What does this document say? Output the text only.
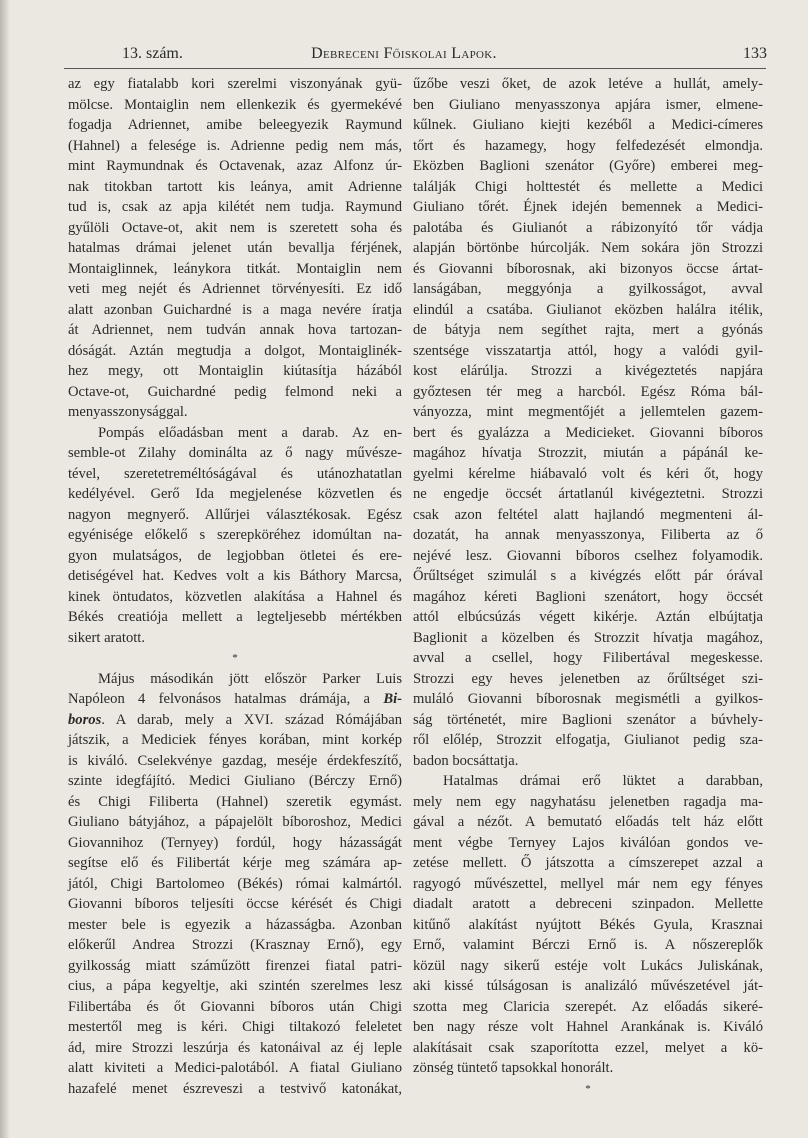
13. szám.	Debreceni Főiskolai Lapok.	133
az egy fiatalabb kori szerelmi viszonyának gyü-
mölcse. Montaiglin nem ellenkezik és gyermekévé
fogadja Adriennet, amibe beleegyezik Raymund
(Hahnel) a felesége is. Adrienne pedig nem más,
mint Raymundnak és Octavenak, azaz Alfonz úr-
nak titokban tartott kis leánya, amit Adrienne
tud is, csak az apja kilétét nem tudja. Raymund
gyűlöli Octave-ot, akit nem is szeretett soha és
hatalmas drámai jelenet után bevallja férjének,
Montaiglinnek, leánykora titkát. Montaiglin nem
veti meg nejét és Adriennet törvényesíti. Ez idő
alatt azonban Guichardné is a maga nevére íratja
át Adriennet, nem tudván annak hova tartozan-
dóságát. Aztán megtudja a dolgot, Montaiglinék-
hez megy, ott Montaiglin kiútasítja házából
Octave-ot, Guichardné pedig felmond neki a
menyasszonysággal.
Pompás előadásban ment a darab. Az en-
semble-ot Zilahy dominálta az ő nagy művésze-
tével, szeretetreméltóságával és utánozhatatlan
kedélyével. Gerő Ida megjelenése közvetlen és
nagyon megnyerő. Allűrjei választékosak. Egész
egyénisége előkelő s szerepköréhez idomúltan na-
gyon mulatságos, de legjobban ötletei és ere-
detiségével hat. Kedves volt a kis Báthory Marcsa,
kinek öntudatos, közvetlen alakítása a Hahnel és
Békés creatiója mellett a legteljesebb mértékben
sikert aratott.
*
Május másodikán jött először Parker Luis
Napóleon 4 felvonásos hatalmas drámája, a Bi-
boros. A darab, mely a XVI. század Rómájában
játszik, a Mediciek fényes korában, mint korkép
is kiváló. Cselekvénye gazdag, meséje érdekfeszítő,
szinte idegfájító. Medici Giuliano (Bérczy Ernő)
és Chigi Filiberta (Hahnel) szeretik egymást.
Giuliano bátyjához, a pápajelölt bíboroshoz, Medici
Giovannihoz (Ternyey) fordúl, hogy házasságát
segítse elő és Filibertát kérje meg számára ap-
jától, Chigi Bartolomeo (Békés) római kalmártól.
Giovanni bíboros teljesíti öccse kérését és Chigi
mester bele is egyezik a házasságba. Azonban
előkerűl Andrea Strozzi (Krasznay Ernő), egy
gyilkosság miatt száműzött firenzei fiatal patri-
cius, a pápa kegyeltje, aki szintén szerelmes lesz
Filibertába és őt Giovanni bíboros után Chigi
mestertől meg is kéri. Chigi tiltakozó feleletet
ád, mire Strozzi leszúrja és katonáival az éj leple
alatt kiviteti a Medici-palotából. A fiatal Giuliano
hazafelé menet észreveszi a testvivő katonákat,
űzőbe veszi őket, de azok letéve a hullát, amely-
ben Giuliano menyasszonya apjára ismer, elmene-
kűlnek. Giuliano kiejti kezéből a Medici-címeres
tőrt és hazamegy, hogy felfedezését elmondja.
Eközben Baglioni szenátor (Győre) emberei meg-
találják Chigi holttestét és mellette a Medici
Giuliano tőrét. Éjnek idején bemennek a Medici-
palotába és Giulianót a rábizonyító tőr vádja
alapján börtönbe húrcolják. Nem sokára jön Strozzi
és Giovanni bíborosnak, aki bizonyos öccse ártat-
lanságában, meggyónja a gyilkosságot, avval
elindúl a csatába. Giulianot eközben halálra itélik,
de bátyja nem segíthet rajta, mert a gyónás
szentsége visszatartja attól, hogy a valódi gyil-
kost elárúlja. Strozzi a kivégeztetés napjára
győztesen tér meg a harcból. Egész Róma bál-
ványozza, mint megmentőjét a jellemtelen gazem-
bert és gyalázza a Medicieket. Giovanni bíboros
magához hívatja Strozzit, miután a pápánál ke-
gyelmi kérelme hiábavaló volt és kéri őt, hogy
ne engedje öccsét ártatlanúl kivégeztetni. Strozzi
csak azon feltétel alatt hajlandó megmenteni ál-
dozatát, ha annak menyasszonya, Filiberta az ő
nejévé lesz. Giovanni bíboros cselhez folyamodik.
Őrűltséget szimulál s a kivégzés előtt pár órával
magához kéreti Baglioni szenátort, hogy öccsét
attól elbúcsúzás végett kikérje. Aztán elbújtatja
Baglionit a közelben és Strozzit hívatja magához,
avval a csellel, hogy Filibertával megeskesse.
Strozzi egy heves jelenetben az őrűltséget szi-
muláló Giovanni bíborosnak megismétli a gyilkos-
ság történetét, mire Baglioni szenátor a búvhely-
ről előlép, Strozzit elfogatja, Giulianot pedig sza-
badon bocsáttatja.
Hatalmas drámai erő lüktet a darabban,
mely nem egy nagyhatásu jelenetben ragadja ma-
gával a nézőt. A bemutató előadás telt ház előtt
ment végbe Ternyey Lajos kiválóan gondos ve-
zetése mellett. Ő játszotta a címszerepet azzal a
ragyogó művészettel, mellyel már nem egy fényes
diadalt aratott a debreceni szinpadon. Mellette
kitűnő alakítást nyújtott Békés Gyula, Krasznai
Ernő, valamint Bérczi Ernő is. A nőszereplők
közül nagy sikerű estéje volt Lukács Juliskának,
aki kissé túlságosan is analizáló művészetével ját-
szotta meg Claricia szerepét. Az előadás sikeré-
ben nagy része volt Hahnel Arankának is. Kiváló
alakításait csak szaporította ezzel, melyet a kö-
zönség tüntető tapsokkal honorált.
*
